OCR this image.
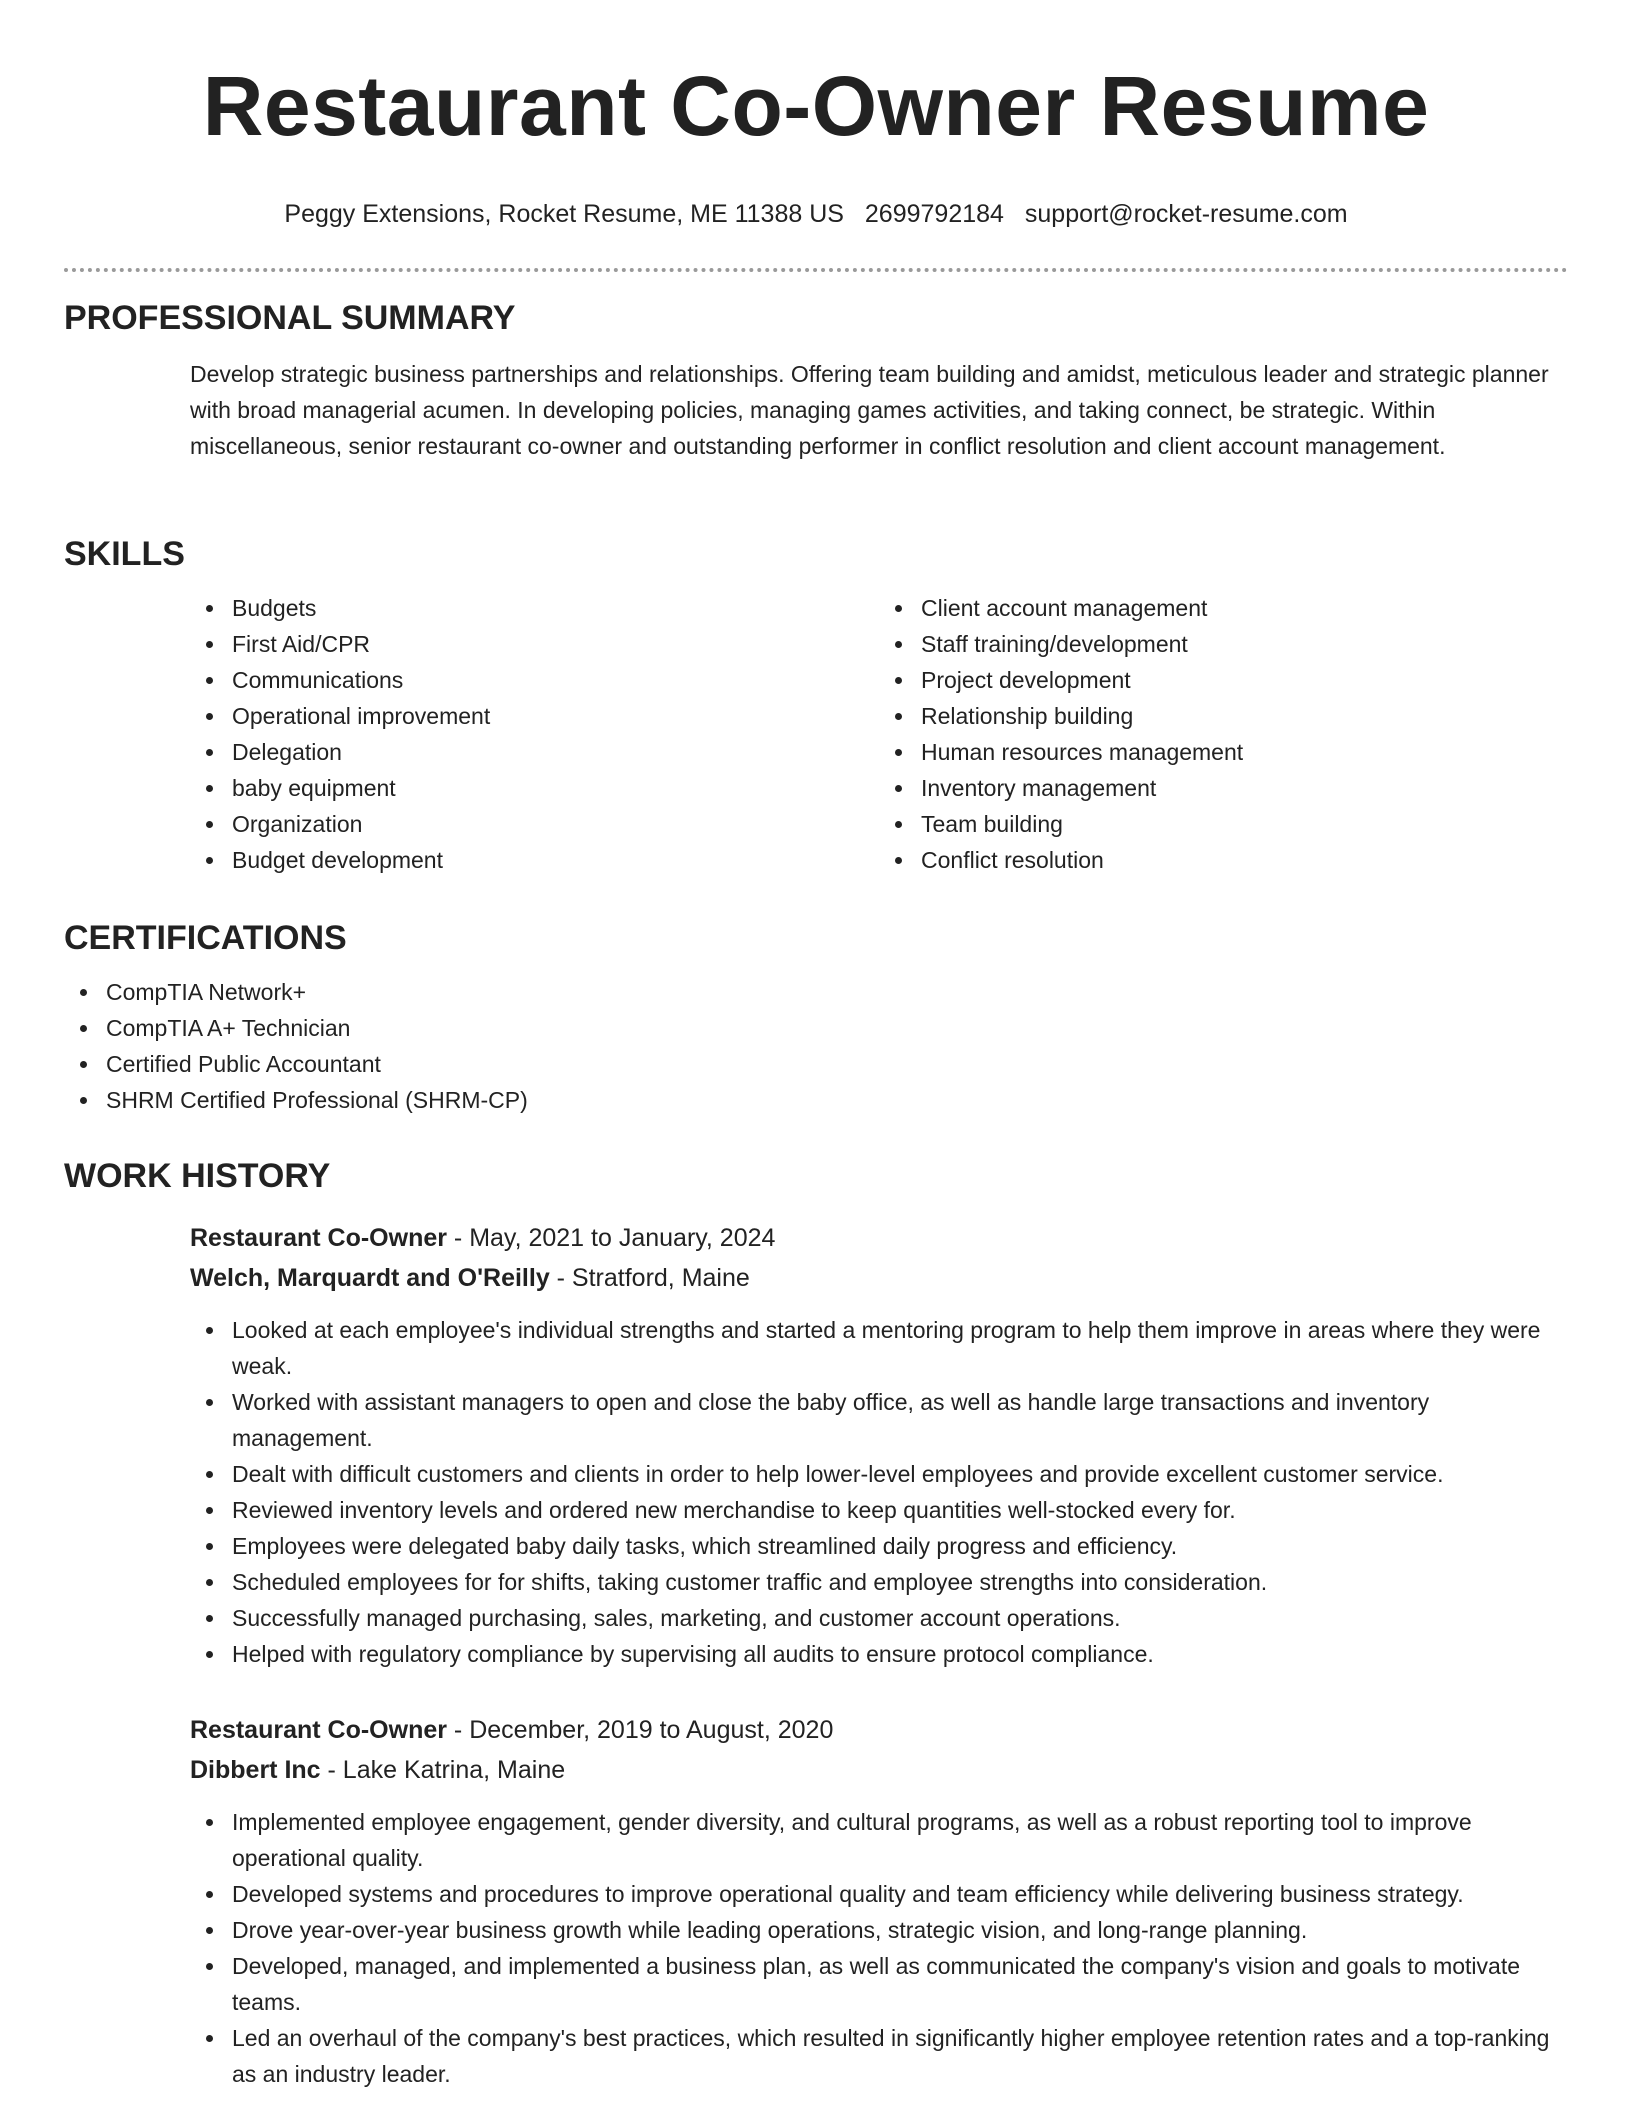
Restaurant Co-Owner Resume
Peggy Extensions, Rocket Resume, ME 11388 US 2699792184 support@rocket-resume.com
PROFESSIONAL SUMMARY
Develop strategic business partnerships and relationships. Offering team building and amidst, meticulous leader and strategic planner with broad managerial acumen. In developing policies, managing games activities, and taking connect, be strategic. Within miscellaneous, senior restaurant co-owner and outstanding performer in conflict resolution and client account management.
SKILLS
Budgets
First Aid/CPR
Communications
Operational improvement
Delegation
baby equipment
Organization
Budget development
Client account management
Staff training/development
Project development
Relationship building
Human resources management
Inventory management
Team building
Conflict resolution
CERTIFICATIONS
CompTIA Network+
CompTIA A+ Technician
Certified Public Accountant
SHRM Certified Professional (SHRM-CP)
WORK HISTORY
Restaurant Co-Owner - May, 2021 to January, 2024
Welch, Marquardt and O'Reilly - Stratford, Maine
Looked at each employee's individual strengths and started a mentoring program to help them improve in areas where they were weak.
Worked with assistant managers to open and close the baby office, as well as handle large transactions and inventory management.
Dealt with difficult customers and clients in order to help lower-level employees and provide excellent customer service.
Reviewed inventory levels and ordered new merchandise to keep quantities well-stocked every for.
Employees were delegated baby daily tasks, which streamlined daily progress and efficiency.
Scheduled employees for for shifts, taking customer traffic and employee strengths into consideration.
Successfully managed purchasing, sales, marketing, and customer account operations.
Helped with regulatory compliance by supervising all audits to ensure protocol compliance.
Restaurant Co-Owner - December, 2019 to August, 2020
Dibbert Inc - Lake Katrina, Maine
Implemented employee engagement, gender diversity, and cultural programs, as well as a robust reporting tool to improve operational quality.
Developed systems and procedures to improve operational quality and team efficiency while delivering business strategy.
Drove year-over-year business growth while leading operations, strategic vision, and long-range planning.
Developed, managed, and implemented a business plan, as well as communicated the company's vision and goals to motivate teams.
Led an overhaul of the company's best practices, which resulted in significantly higher employee retention rates and a top-ranking as an industry leader.
